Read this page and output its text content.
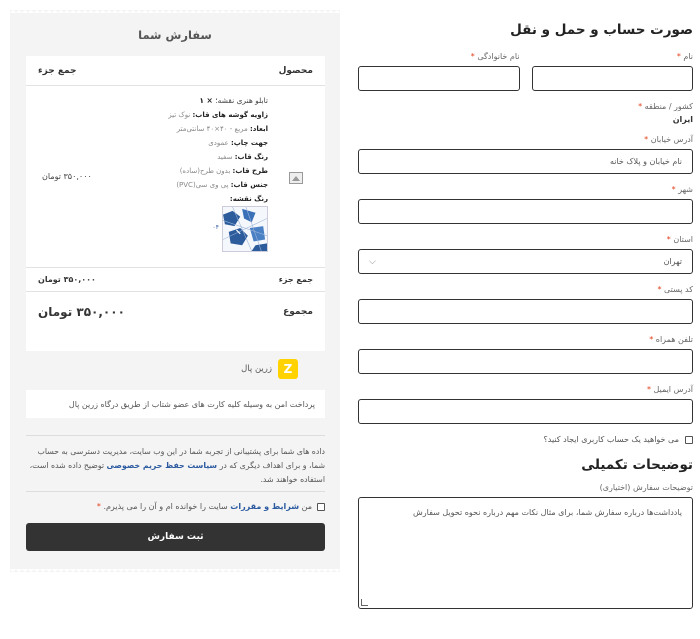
صورت حساب و حمل و نقل
نام *
نام خانوادگی *
کشور / منطقه *
ایران
آدرس خیابان *
نام خیابان و پلاک خانه
شهر *
استان *
تهران
⌵
کد پستی *
تلفن همراه *
آدرس ایمیل *
می خواهید یک حساب کاربری ایجاد کنید؟
توضیحات تکمیلی
توضیحات سفارش (اختیاری)
یادداشت‌ها درباره سفارش شما، برای مثال نکات مهم درباره نحوه تحویل سفارش
سفارش شما
محصول
جمع جزء
تابلو هنری نقشه؛ × ۱
زاویه گوشه های قاب: نوک تیز
ابعاد: مربع - ۴۰×۴۰ سانتی‌متر
جهت چاپ: عمودی
رنگ قاب: سفید
طرح قاب: بدون طرح(ساده)
جنس قاب: پی وی سی(PVC)
رنگ نقشه:
۰۴
۳۵۰,۰۰۰ تومان
جمع جزء
۳۵۰,۰۰۰ تومان
مجموع
۳۵۰,۰۰۰ تومان
Z
زرین پال
پرداخت امن به وسیله کلیه کارت های عضو شتاب از طریق درگاه زرین پال
داده های شما برای پشتیبانی از تجربه شما در این وب سایت، مدیریت دسترسی به حساب شما، و برای اهداف دیگری که در سیاست حفظ حریم خصوصی توضیح داده شده است، استفاده خواهند شد.
من شرایط و مقررات سایت را خوانده ام و آن را می پذیرم. *
ثبت سفارش
